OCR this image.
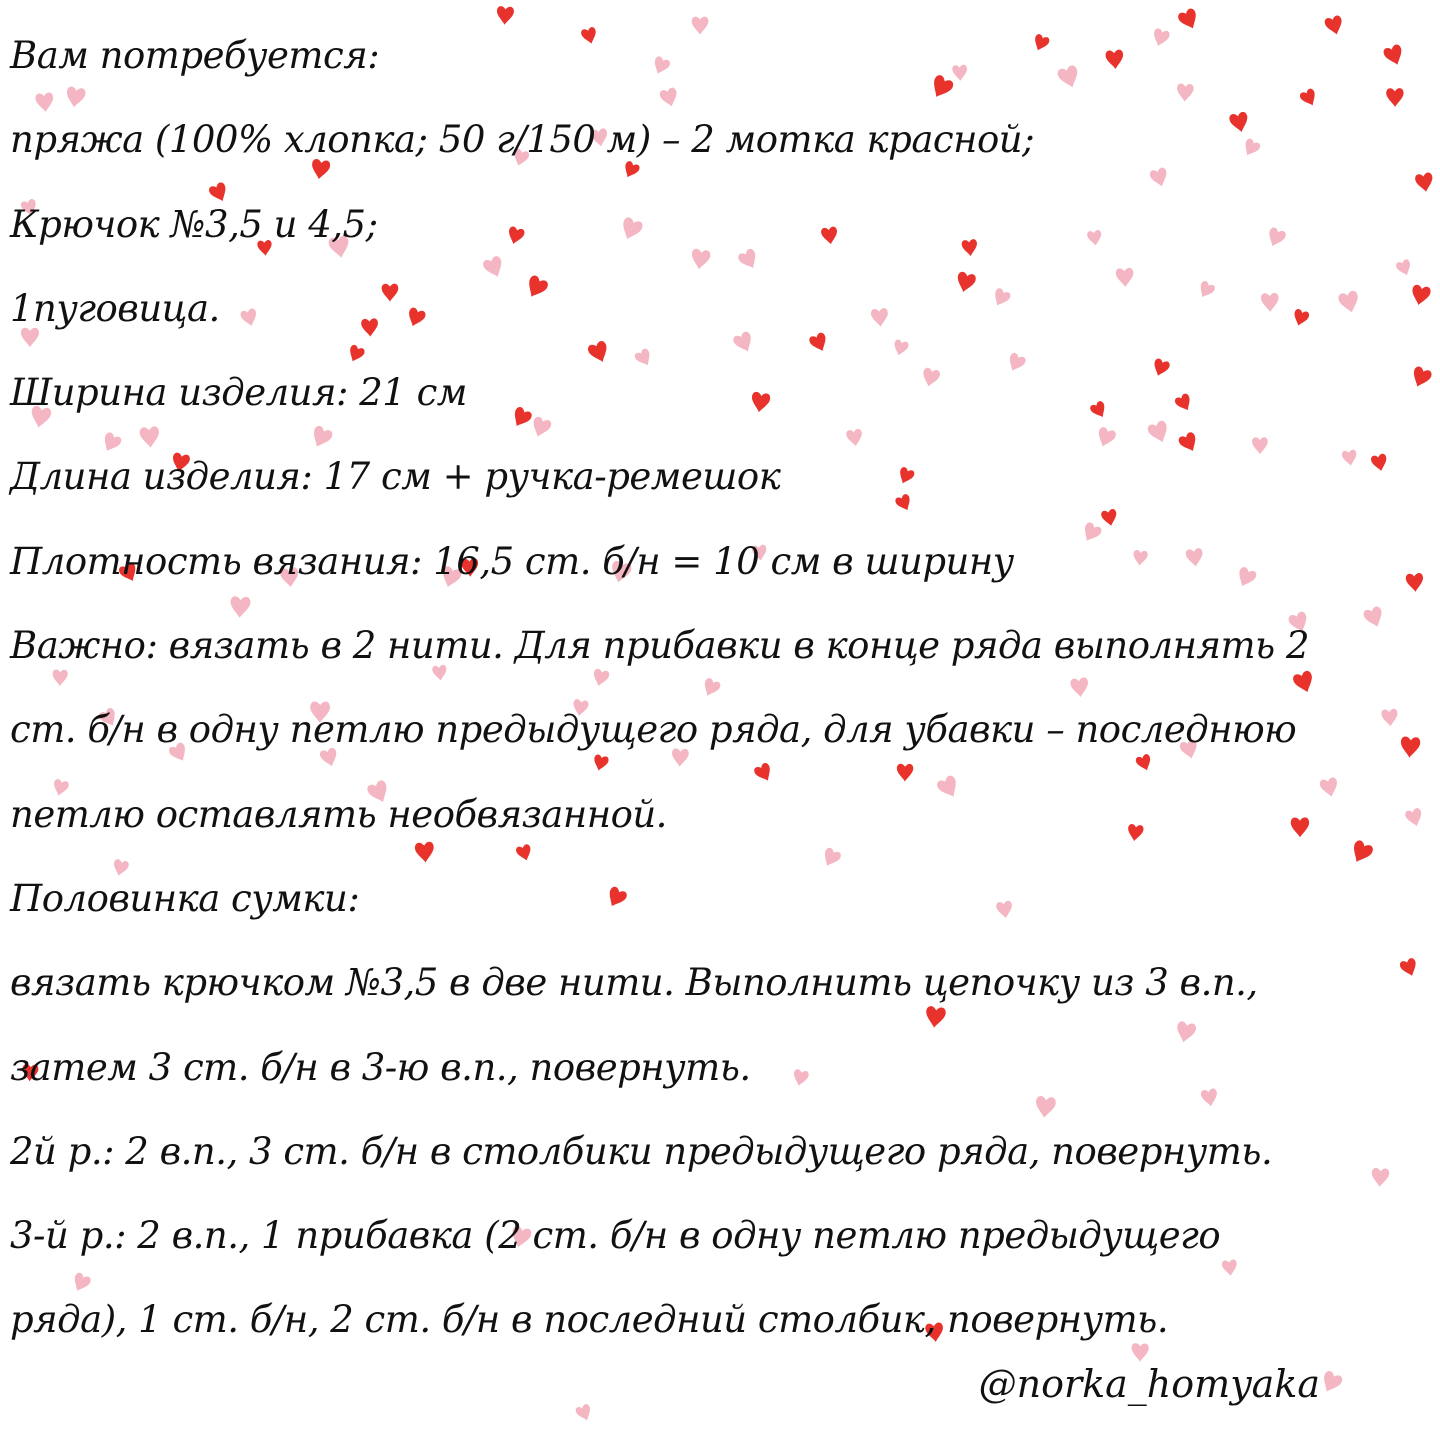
Вам потребуется:
пряжа (100% хлопка; 50 г/150 м) – 2 мотка красной;
Крючок №3,5 и 4,5;
1пуговица.
Ширина изделия: 21 см
Длина изделия: 17 см + ручка-ремешок
Плотность вязания: 16,5 ст. б/н = 10 см в ширину
Важно: вязать в 2 нити. Для прибавки в конце ряда выполнять 2
ст. б/н в одну петлю предыдущего ряда, для убавки – последнюю
петлю оставлять необвязанной.
Половинка сумки:
вязать крючком №3,5 в две нити. Выполнить цепочку из 3 в.п.,
затем 3 ст. б/н в 3-ю в.п., повернуть.
2й р.: 2 в.п., 3 ст. б/н в столбики предыдущего ряда, повернуть.
3-й р.: 2 в.п., 1 прибавка (2 ст. б/н в одну петлю предыдущего
ряда), 1 ст. б/н, 2 ст. б/н в последний столбик, повернуть.
@norka_homyaka
